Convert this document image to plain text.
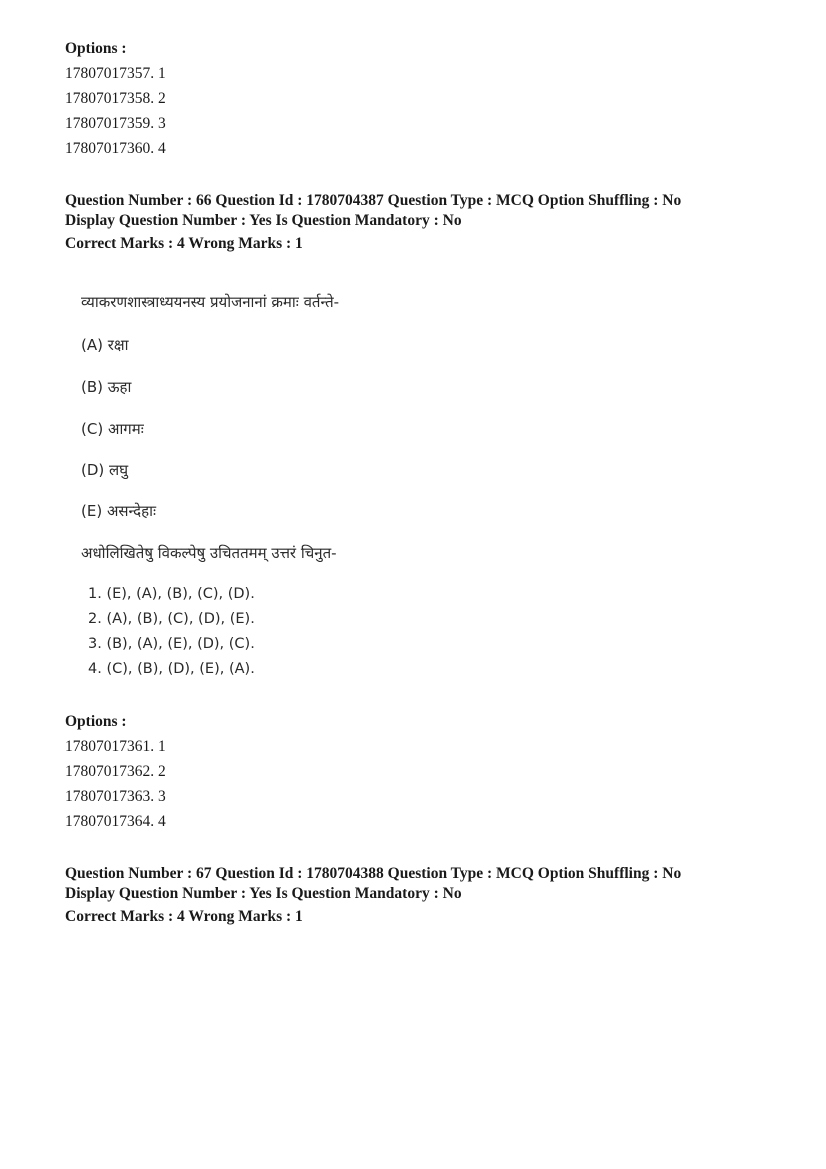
Options :
17807017357. 1
17807017358. 2
17807017359. 3
17807017360. 4
Question Number : 66 Question Id : 1780704387 Question Type : MCQ Option Shuffling : No
Display Question Number : Yes Is Question Mandatory : No
Correct Marks : 4 Wrong Marks : 1
व्याकरणशास्त्राध्ययनस्य प्रयोजनानां क्रमाः वर्तन्ते-
(A) रक्षा
(B) ऊहा
(C) आगमः
(D) लघु
(E) असन्देहाः
अधोलिखितेषु विकल्पेषु उचिततमम् उत्तरं चिनुत-
1. (E), (A), (B), (C), (D).
2. (A), (B), (C), (D), (E).
3. (B), (A), (E), (D), (C).
4. (C), (B), (D), (E), (A).
Options :
17807017361. 1
17807017362. 2
17807017363. 3
17807017364. 4
Question Number : 67 Question Id : 1780704388 Question Type : MCQ Option Shuffling : No
Display Question Number : Yes Is Question Mandatory : No
Correct Marks : 4 Wrong Marks : 1
